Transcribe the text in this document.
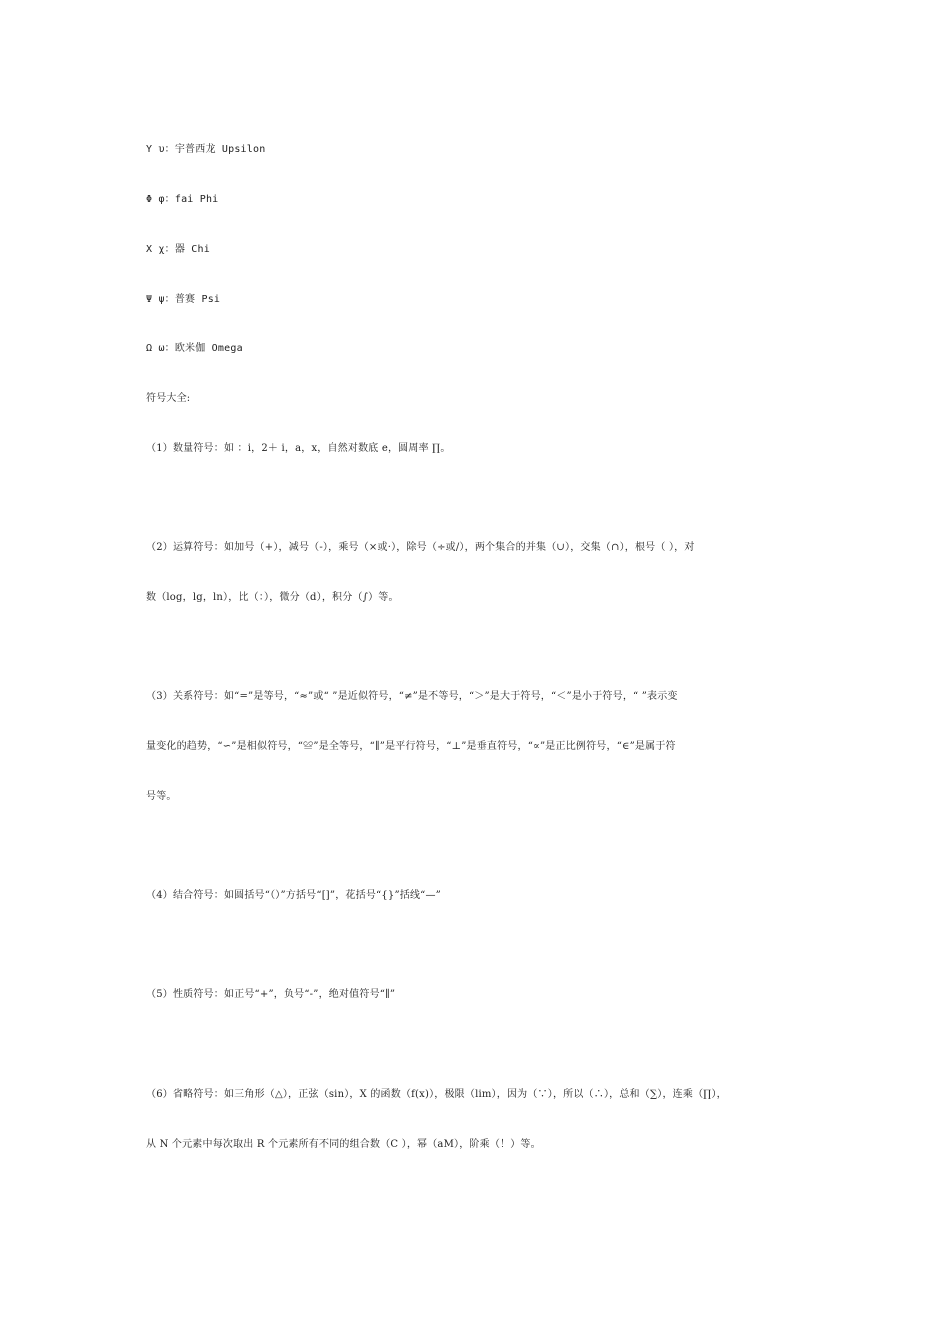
Υ υ：宇普西龙 Upsilon
Φ φ：fai Phi
Χ χ：器 Chi
Ψ ψ：普赛 Psi
Ω ω：欧米伽 Omega
符号大全:
（1）数量符号：如 ：i，2＋ i，a，x，自然对数底 e，圆周率 ∏。
（2）运算符号：如加号（+），减号（-），乘号（×或·），除号（÷或/），两个集合的并集（∪），交集（∩），根号（ ），对
数（log，lg，ln），比（：），微分（d），积分（∫）等。
（3）关系符号：如“=”是等号，“≈”或“ ”是近似符号，“≠”是不等号，“＞”是大于符号，“＜”是小于符号，“ ”表示变
量变化的趋势，“∽”是相似符号，“≌”是全等号，“∥”是平行符号，“⊥”是垂直符号，“∝”是正比例符号，“∈”是属于符
号等。
（4）结合符号：如圆括号“（）”方括号“[]”，花括号“{}”括线“—”
（5）性质符号：如正号“+”，负号“-”，绝对值符号“∥”
（6）省略符号：如三角形（△），正弦（sin），X 的函数（f(x)），极限（lim），因为（∵），所以（∴），总和（∑），连乘（∏），
从 N 个元素中每次取出 R 个元素所有不同的组合数（C ），幂（aM），阶乘（！）等。
